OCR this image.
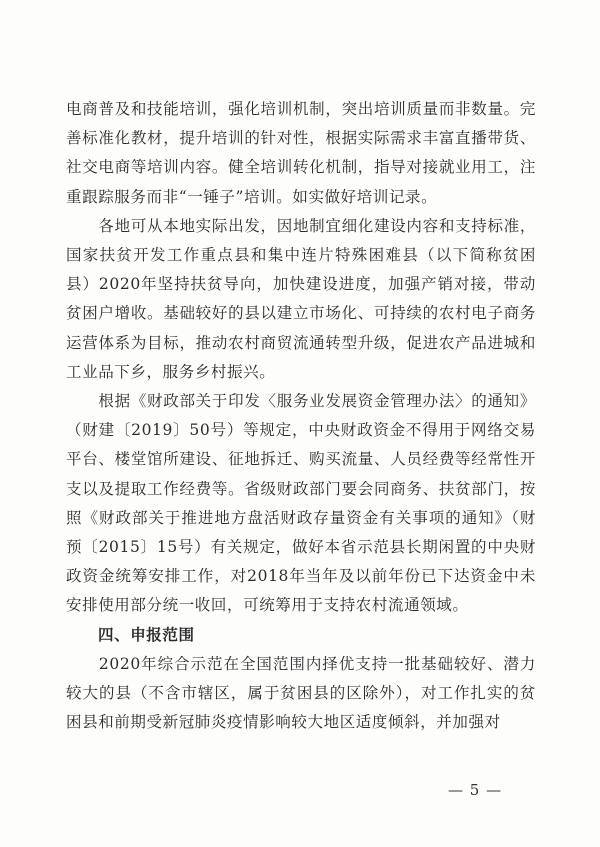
电商普及和技能培训，强化培训机制，突出培训质量而非数量。完善标准化教材，提升培训的针对性，根据实际需求丰富直播带货、社交电商等培训内容。健全培训转化机制，指导对接就业用工，注重跟踪服务而非“一锤子”培训。如实做好培训记录。

　　各地可从本地实际出发，因地制宜细化建设内容和支持标准，国家扶贫开发工作重点县和集中连片特殊困难县（以下简称贫困县）2020年坚持扶贫导向，加快建设进度，加强产销对接，带动贫困户增收。基础较好的县以建立市场化、可持续的农村电子商务运营体系为目标，推动农村商贸流通转型升级，促进农产品进城和工业品下乡，服务乡村振兴。

　　根据《财政部关于印发〈服务业发展资金管理办法〉的通知》（财建〔2019〕50号）等规定，中央财政资金不得用于网络交易平台、楼堂馆所建设、征地拆迁、购买流量、人员经费等经常性开支以及提取工作经费等。省级财政部门要会同商务、扶贫部门，按照《财政部关于推进地方盘活财政存量资金有关事项的通知》（财预〔2015〕15号）有关规定，做好本省示范县长期闲置的中央财政资金统筹安排工作，对2018年当年及以前年份已下达资金中未安排使用部分统一收回，可统筹用于支持农村流通领域。

四、申报范围

　　2020年综合示范在全国范围内择优支持一批基础较好、潜力较大的县（不含市辖区，属于贫困县的区除外），对工作扎实的贫困县和前期受新冠肺炎疫情影响较大地区适度倾斜，并加强对

— 5 —
